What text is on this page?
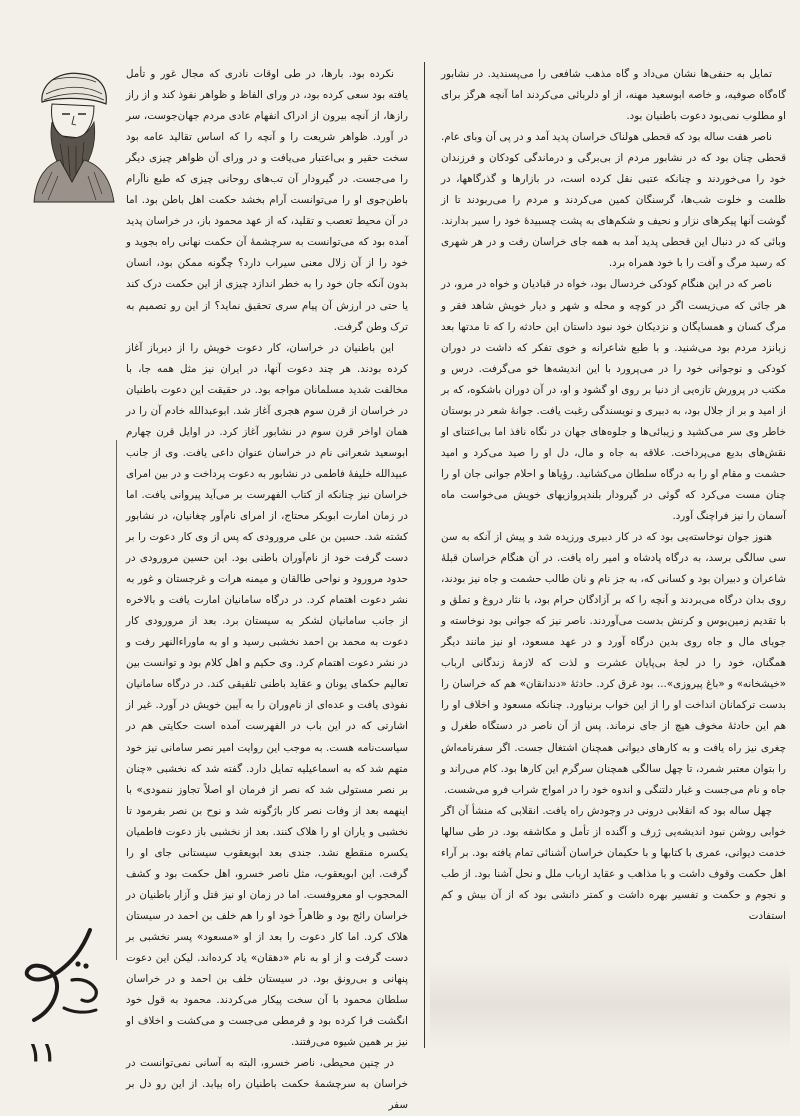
تمایل به حنفی‌ها نشان می‌داد و گاه مذهب شافعی را می‌پسندید. در نشابور گاه‌گاه صوفیه، و خاصه ابوسعید مهنه، از او دلربائی می‌کردند اما آنچه هرگز برای او مطلوب نمی‌بود دعوت باطنیان بود.

ناصر هفت ساله بود که قحطی هولناک خراسان پدید آمد و در پی آن وبای عام. قحطی چنان بود که در نشابور مردم از بی‌برگی و درماندگی کودکان و فرزندان خود را می‌خوردند و چنانکه عتبی نقل کرده است، در بازارها و گذرگاهها، در ظلمت و خلوت شب‌ها، گرسنگان کمین می‌کردند و مردم را می‌ربودند تا از گوشت آنها پیکرهای نزار و نحیف و شکم‌های به پشت چسبیدهٔ خود را سیر بدارند. وبائی که در دنبال این قحطی پدید آمد به همه جای خراسان رفت و در هر شهری که رسید مرگ و آفت را با خود همراه برد.

ناصر که در این هنگام کودکی خردسال بود، خواه در قبادیان و خواه در مرو، در هر جائی که می‌زیست اگر در کوچه و محله و شهر و دیار خویش شاهد فقر و مرگ کسان و همسایگان و نزدیکان خود نبود داستان این حادثه را که تا مدتها بعد زبانزد مردم بود می‌شنید. و با طبع شاعرانه و خوی تفکر که داشت در دوران کودکی و نوجوانی خود را در می‌پرورد با این اندیشه‌ها خو می‌گرفت. درس و مکتب در پرورش تازه‌یی از دنیا بر روی او گشود و او، در آن دوران باشکوه، که بر از امید و بر از جلال بود، به دبیری و نویسندگی رغبت یافت. جوانهٔ شعر در بوستان خاطر وی سر می‌کشید و زیبائی‌ها و جلوه‌های جهان در نگاه نافذ اما بی‌اعتنای او نقش‌های بدیع می‌پرداخت. علاقه به جاه و مال، دل او را صید می‌کرد و امید حشمت و مقام او را به درگاه سلطان می‌کشانید. رؤیاها و احلام جوانی جان او را چنان مست می‌کرد که گوئی در گیرودار بلندپروازیهای خویش می‌خواست ماه آسمان را نیز فراچنگ آورد.

هنوز جوان نوخاسته‌یی بود که در کار دبیری ورزیده شد و پیش از آنکه به سن سی سالگی برسد، به درگاه پادشاه و امیر راه یافت. در آن هنگام خراسان قبلهٔ شاعران و دبیران بود و کسانی که، به جز نام و نان طالب حشمت و جاه نیز بودند، روی بدان درگاه می‌بردند و آنچه را که بر آزادگان حرام بود، با نثار دروغ و تملق و با تقدیم زمین‌بوس و کرنش بدست می‌آوردند. ناصر نیز که جوانی بود نوخاسته و جویای مال و جاه روی بدین درگاه آورد و در عهد مسعود، او نیز مانند دیگر همگنان، خود را در لجهٔ بی‌پایان عشرت و لذت که لازمهٔ زندگانی ارباب «خیشخانه» و «باغ پیروزی»... بود غرق کرد. حادثهٔ «دندانقان» هم که خراسان را بدست ترکمانان انداخت او را از این خواب برنیاورد. چنانکه مسعود و اخلاف او را هم این حادثهٔ مخوف هیچ از جای نرماند. پس از آن ناصر در دستگاه طغرل و چغری نیز راه یافت و به کارهای دیوانی همچنان اشتغال جست. اگر سفرنامه‌اش را بتوان معتبر شمرد، تا چهل سالگی همچنان سرگرم این کارها بود. کام می‌راند و جاه و نام می‌جست و غبار دلتنگی و اندوه خود را در امواج شراب فرو می‌شست.

چهل ساله بود که انقلابی درونی در وجودش راه یافت. انقلابی که منشأ آن اگر خوابی روشن نبود اندیشه‌یی ژرف و آگنده از تأمل و مکاشفه بود. در طی سالها خدمت دیوانی، عمری با کتابها و با حکیمان خراسان آشنائی تمام یافته بود. بر آراء اهل حکمت وقوف داشت و با مذاهب و عقاید ارباب ملل و نحل آشنا بود. از طب و نجوم و حکمت و تفسیر بهره داشت و کمتر دانشی بود که از آن بیش و کم استفادت

نکرده بود. بارها، در طی اوقات نادری که مجال غور و تأمل یافته بود سعی کرده بود، در ورای الفاظ و ظواهر نفوذ کند و از راز رازها، از آنچه بیرون از ادراک انفهام عادی مردم جهان‌جوست، سر در آورد. ظواهر شریعت را و آنچه را که اساس تقالید عامه بود سخت حقیر و بی‌اعتبار می‌یافت و در ورای آن ظواهر چیزی دیگر را می‌جست. در گیرودار آن تب‌های روحانی چیزی که طبع ناآرام باطن‌جوی او را می‌توانست آرام بخشد حکمت اهل باطن بود. اما در آن محیط تعصب و تقلید، که از عهد محمود باز، در خراسان پدید آمده بود که می‌توانست به سرچشمهٔ آن حکمت نهانی راه بجوید و خود را از آن زلال معنی سیراب دارد؟ چگونه ممکن بود، انسان بدون آنکه جان خود را به خطر اندازد چیزی از این حکمت درک کند یا حتی در ارزش آن پیام سری تحقیق نماید؟ از این رو تصمیم به ترک وطن گرفت.

این باطنیان در خراسان، کار دعوت خویش را از دیرباز آغاز کرده بودند. هر چند دعوت آنها، در ایران نیز مثل همه جا، با مخالفت شدید مسلمانان مواجه بود. در حقیقت این دعوت باطنیان در خراسان از قرن سوم هجری آغاز شد. ابوعبدالله خادم آن را در همان اواخر قرن سوم در نشابور آغاز کرد. در اوایل قرن چهارم ابوسعید شعرانی نام در خراسان عنوان داعی یافت. وی از جانب عبیدالله خلیفهٔ فاطمی در نشابور به دعوت پرداخت و در بین امرای خراسان نیز چنانکه از کتاب الفهرست بر می‌آید پیروانی یافت. اما در زمان امارت ابوبکر محتاج، از امرای نام‌آور چغانیان، در نشابور کشته شد. حسین بن علی مرورودی که پس از وی کار دعوت را بر دست گرفت خود از نام‌آوران باطنی بود. این حسین مرورودی در حدود مرورود و نواحی طالقان و میمنه هرات و غرجستان و غور به نشر دعوت اهتمام کرد. در درگاه سامانیان امارت یافت و بالاخره از جانب سامانیان لشکر به سیستان برد. بعد از مرورودی کار دعوت به محمد بن احمد نخشبی رسید و او به ماوراءالنهر رفت و در نشر دعوت اهتمام کرد. وی حکیم و اهل کلام بود و توانست بین تعالیم حکمای یونان و عقاید باطنی تلفیقی کند. در درگاه سامانیان نفوذی یافت و عده‌ای از نام‌وران را به آیین خویش در آورد. غیر از اشارتی که در این باب در الفهرست آمده است حکایتی هم در سیاست‌نامه هست. به موجب این روایت امیر نصر سامانی نیز خود متهم شد که به اسماعیلیه تمایل دارد. گفته شد که نخشبی «چنان بر نصر مستولی شد که نصر از فرمان او اصلاً تجاوز ننمودی» با اینهمه بعد از وفات نصر کار باژگونه شد و نوح بن نصر بفرمود تا نخشبی و یاران او را هلاک کنند. بعد از نخشبی باز دعوت فاطمیان یکسره منقطع نشد. جندی بعد ابویعقوب سیستانی جای او را گرفت. این ابویعقوب، مثل ناصر خسرو، اهل حکمت بود و کشف المحجوب او معروفست. اما در زمان او نیز قتل و آزار باطنیان در خراسان رائج بود و ظاهراً خود او را هم خلف بن احمد در سیستان هلاک کرد. اما کار دعوت را بعد از او «مسعود» پسر نخشبی بر دست گرفت و از او به نام «دهقان» یاد کرده‌اند. لیکن این دعوت پنهانی و بی‌رونق بود. در سیستان خلف بن احمد و در خراسان سلطان محمود با آن سخت پیکار می‌کردند. محمود به قول خود انگشت فرا کرده بود و قرمطی می‌جست و می‌کشت و اخلاف او نیز بر همین شیوه می‌رفتند.

در چنین محیطی، ناصر خسرو، البته به آسانی نمی‌توانست در خراسان به سرچشمهٔ حکمت باطنیان راه بیابد. از این رو دل بر سفر

۱۱
